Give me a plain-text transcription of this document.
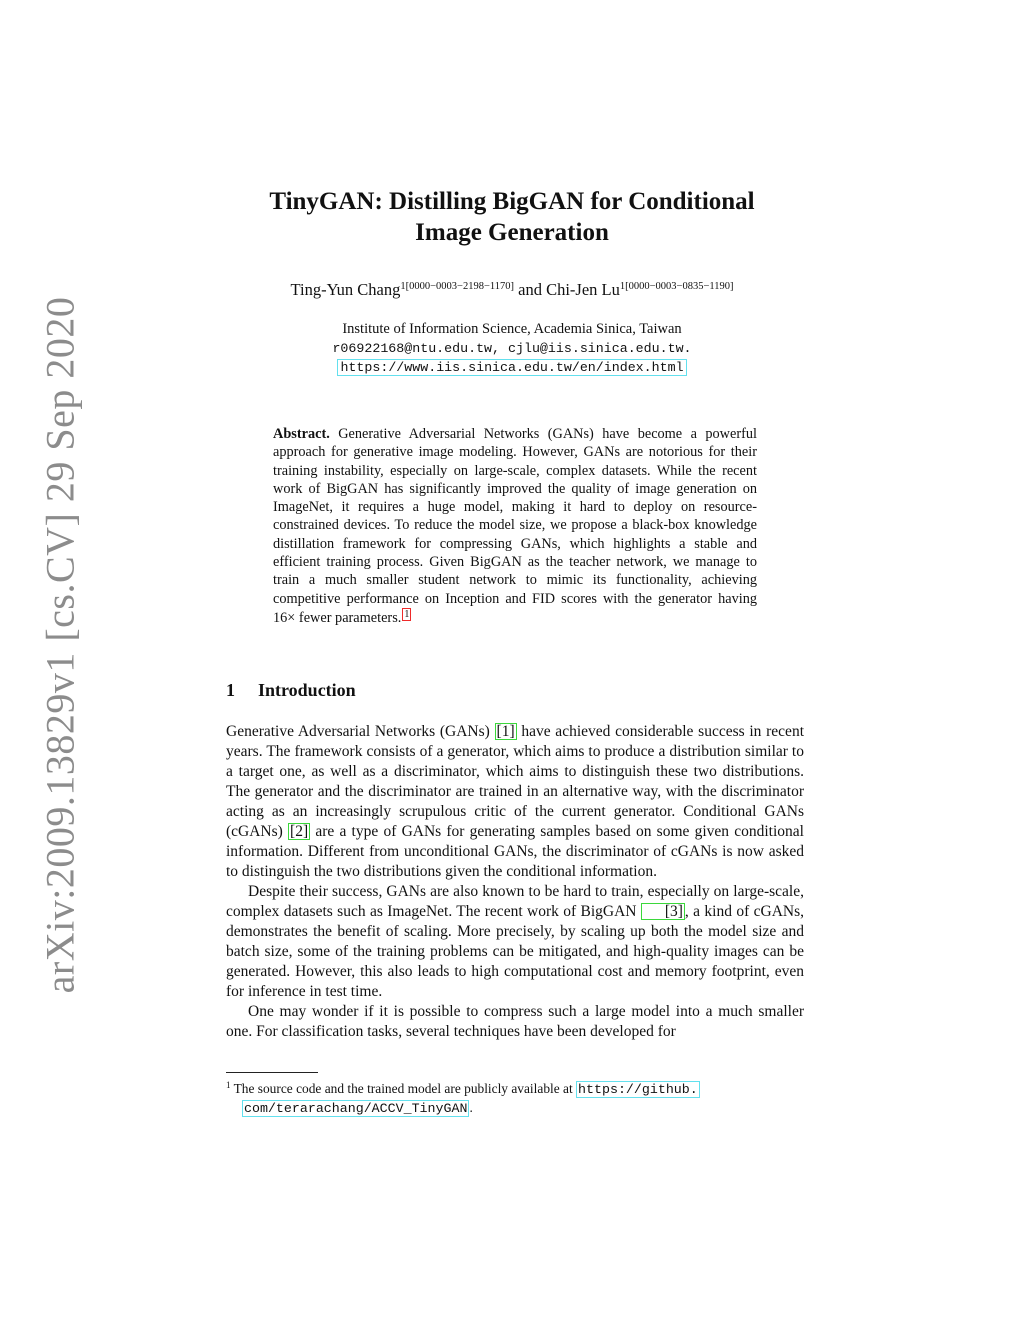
arXiv:2009.13829v1 [cs.CV] 29 Sep 2020
TinyGAN: Distilling BigGAN for Conditional
Image Generation
Ting-Yun Chang$^{1[0000-0003-2198-1170]}$ and Chi-Jen $Lu^{1[0000-0003-0835-1190]}$
Institute of Information Science, Academia Sinica, Taiwan
r06922168@ntu.edu.tw, cjlu@iis.sinica.edu.tw.
https://www.iis.sinica.edu.tw/en/index.html
Abstract. Generative Adversarial Networks (GANs) have become a powerful approach for generative image modeling. However, GANs are notorious for their training instability, especially on large-scale, complex datasets. While the recent work of BigGAN has significantly improved the quality of image generation on ImageNet, it requires a huge model, making it hard to deploy on resource-constrained devices. To reduce the model size, we propose a black-box knowledge distillation framework for compressing GANs, which highlights a stable and efficient training process. Given BigGAN as the teacher network, we manage to train a much smaller student network to mimic its functionality, achieving competitive performance on Inception and FID scores with the generator having 16× fewer parameters. 1
1 Introduction

Generative Adversarial Networks (GANs) [1] have achieved considerable success in recent years. The framework consists of a generator, which aims to produce a distribution similar to a target one, as well as a discriminator, which aims to distinguish these two distributions. The generator and the discriminator are trained in an alternative way, with the discriminator acting as an increasingly scrupulous critic of the current generator. Conditional GANs (cGANs) [2] are a type of GANs for generating samples based on some given conditional information. Different from unconditional GANs, the discriminator of cGANs is now asked to distinguish the two distributions given the conditional information.

Despite their success, GANs are also known to be hard to train, especially on large-scale, complex datasets such as ImageNet. The recent work of BigGAN [3] , a kind of cGANs, demonstrates the benefit of scaling. More precisely, by scaling up both the model size and batch size, some of the training problems can be mitigated, and high-quality images can be generated. However, this also leads to high computational cost and memory footprint, even for inference in test time.

One may wonder if it is possible to compress such a large model into a much smaller one. For classification tasks, several techniques have been developed for

$^1$ The source code and the trained model are publicly available at https://github.
com/terarachang/ACCV_TinyGAN .
